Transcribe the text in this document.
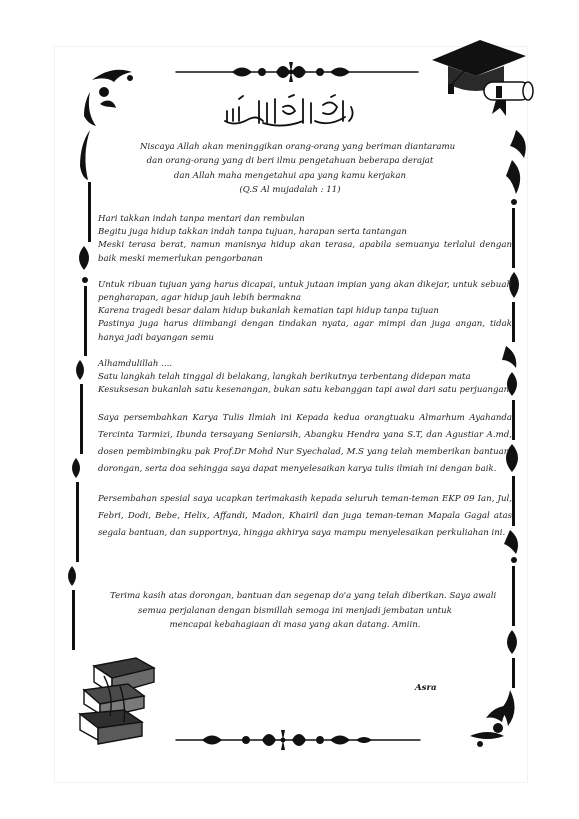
Niscaya Allah akan meninggikan orang-orang yang beriman diantaramu
dan orang-orang yang di beri ilmu pengetahuan beberapa derajat
dan Allah maha mengetahui apa yang kamu kerjakan
(Q.S Al mujadalah : 11)

Hari takkan indah tanpa mentari dan rembulan

Begitu juga hidup takkan indah tanpa tujuan, harapan serta tantangan

Meski terasa berat, namun manisnya hidup akan terasa, apabila semuanya terlalui dengan baik meski memerlukan pengorbanan

Untuk ribuan tujuan yang harus dicapai, untuk jutaan impian yang akan dikejar, untuk sebuah pengharapan, agar hidup jauh lebih bermakna

Karena tragedi besar dalam hidup bukanlah kematian tapi hidup tanpa tujuan

Pastinya juga harus diimbangi dengan tindakan nyata, agar mimpi dan juga angan, tidak hanya jadi bayangan semu

Alhamdulillah ....

Satu langkah telah tinggal di belakang, langkah berikutnya terbentang didepan mata

Kesuksesan bukanlah satu kesenangan, bukan satu kebanggan tapi awal dari satu perjuangan

Saya persembahkan Karya Tulis Ilmiah ini Kepada kedua orangtuaku Almarhum Ayahanda Tercinta Tarmizi, Ibunda tersayang Seniarsih, Abangku Hendra yana S.T, dan Agustiar A.md, dosen pembimbingku pak Prof.Dr Mohd Nur Syechalad, M.S yang telah memberikan bantuan, dorongan, serta doa sehingga saya dapat menyelesaikan karya tulis ilmiah ini dengan baik.

Persembahan spesial saya ucapkan terimakasih kepada seluruh teman-teman EKP 09 Ian, Jul, Febri, Dodi, Bebe, Helix, Affandi, Madon, Khairil dan juga teman-teman Mapala Gagal atas segala bantuan, dan supportnya, hingga akhirya saya mampu menyelesaikan perkuliahan ini.

Terima kasih atas dorongan, bantuan dan segenap do'a yang telah diberikan. Saya awali
semua perjalanan dengan bismillah semoga ini menjadi jembatan untuk
mencapai kebahagiaan di masa yang akan datang. Amiin.
Asra
